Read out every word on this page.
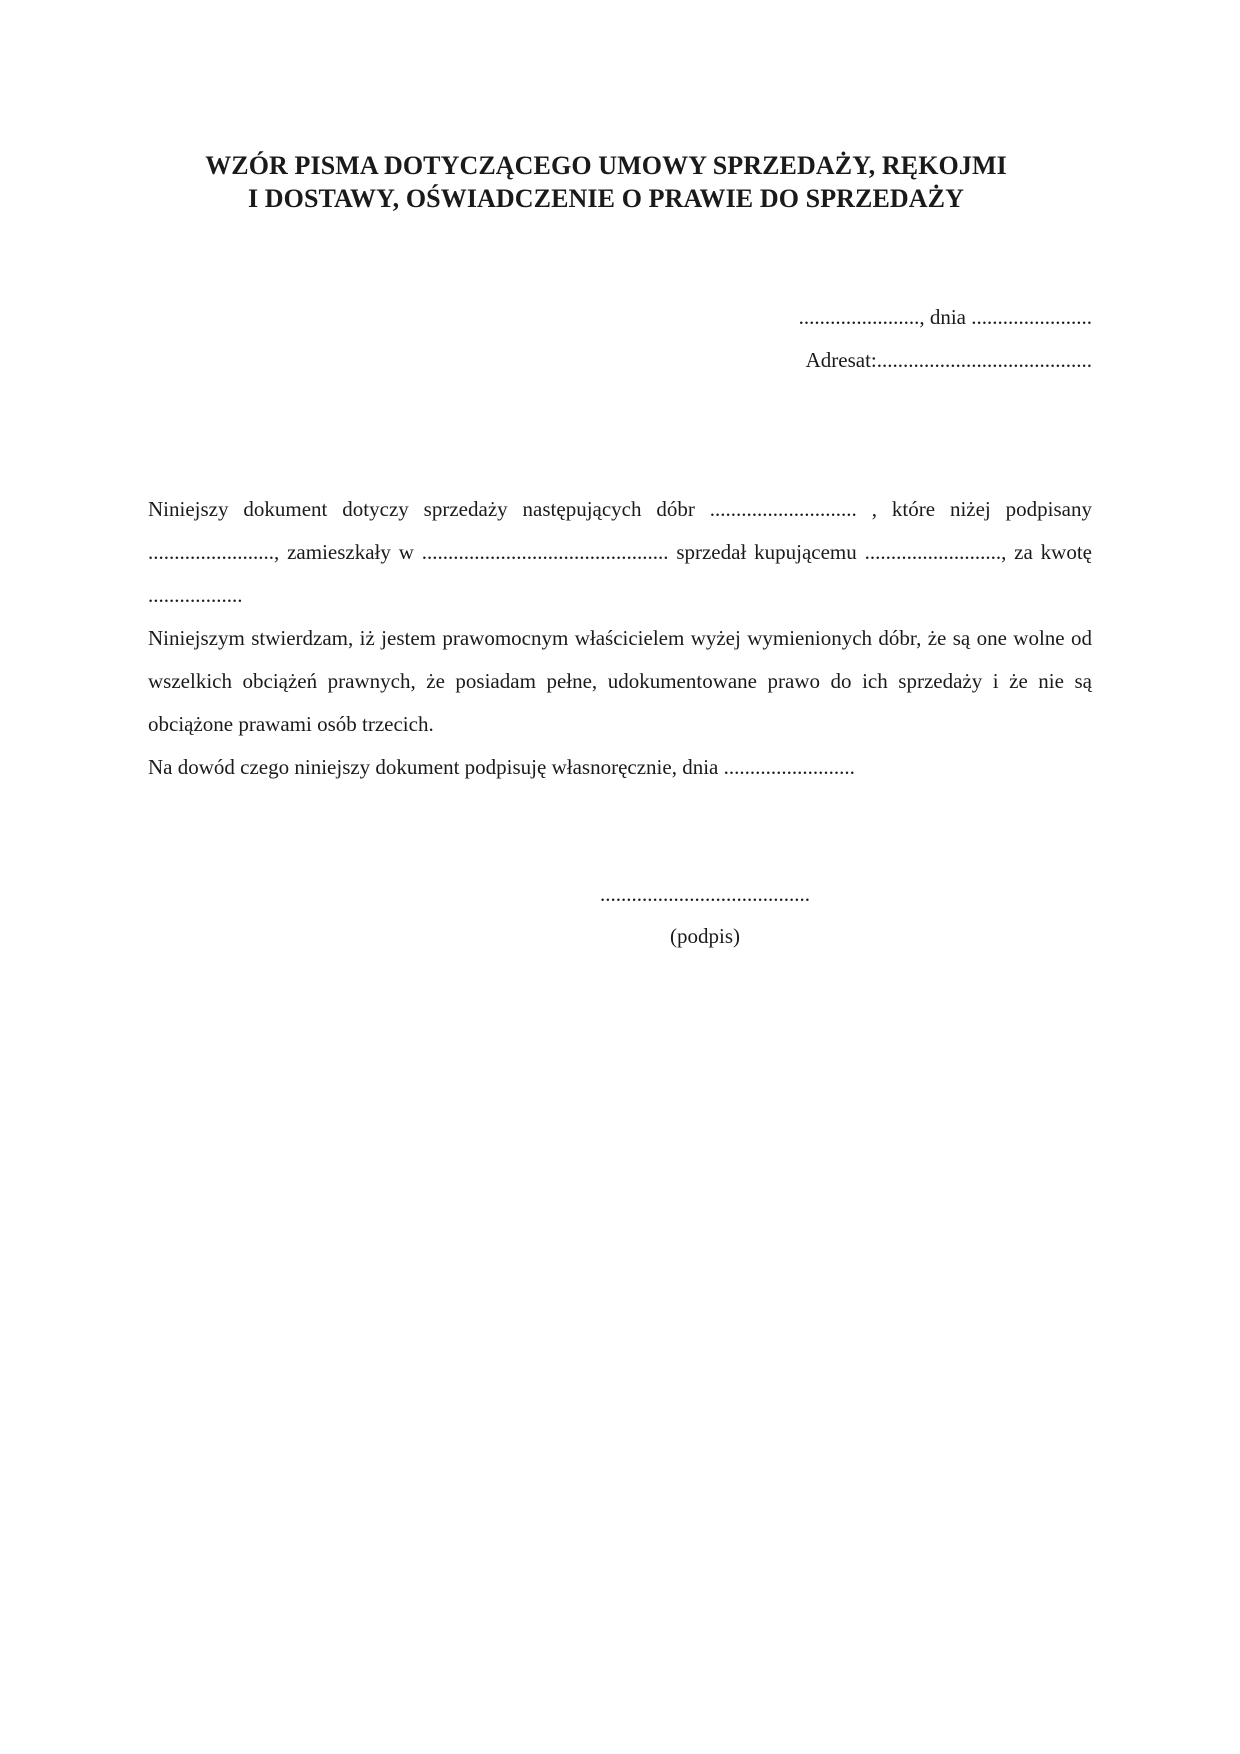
WZÓR PISMA DOTYCZĄCEGO UMOWY SPRZEDAŻY, RĘKOJMI
I DOSTAWY, OŚWIADCZENIE O PRAWIE DO SPRZEDAŻY
......................., dnia .......................
Adresat:.........................................

Niniejszy dokument dotyczy sprzedaży następujących dóbr ............................ , które niżej podpisany ........................, zamieszkały w ............................................... sprzedał kupującemu .........................., za kwotę ..................

Niniejszym stwierdzam, iż jestem prawomocnym właścicielem wyżej wymienionych dóbr, że są one wolne od wszelkich obciążeń prawnych, że posiadam pełne, udokumentowane prawo do ich sprzedaży i że nie są obciążone prawami osób trzecich.

Na dowód czego niniejszy dokument podpisuję własnoręcznie, dnia .........................

........................................
(podpis)
